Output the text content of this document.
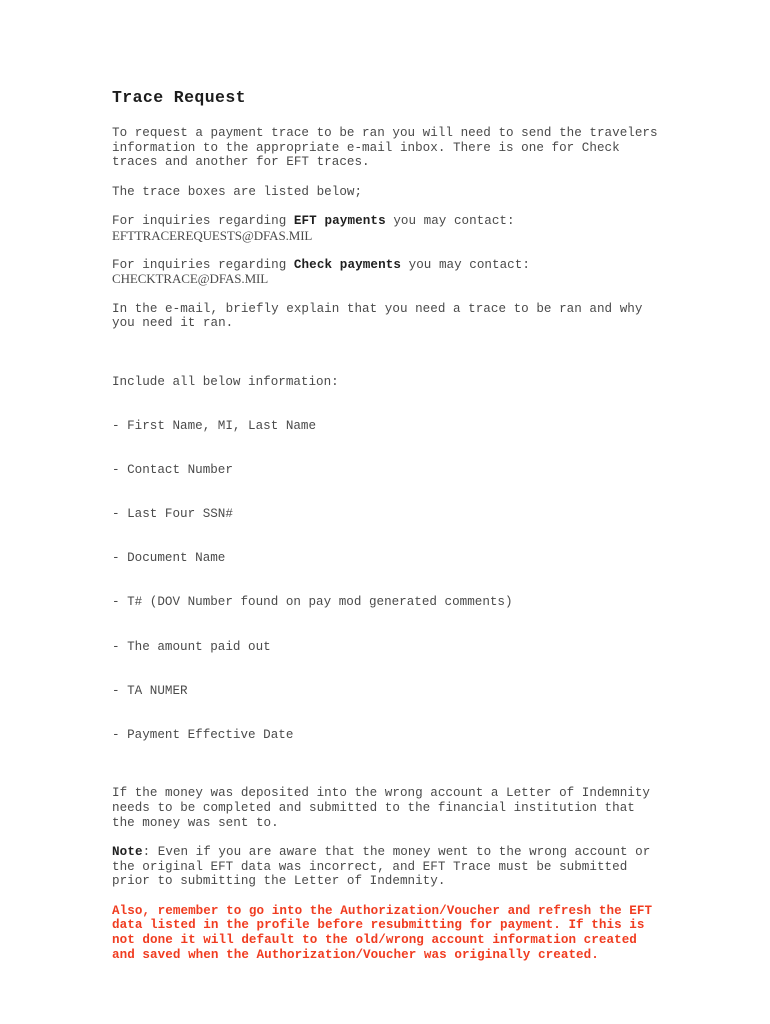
Trace Request

To request a payment trace to be ran you will need to send the travelers information to the appropriate e-mail inbox. There is one for Check traces and another for EFT traces.

The trace boxes are listed below;

For inquiries regarding EFT payments you may contact:

EFTTRACEREQUESTS@DFAS.MIL

For inquiries regarding Check payments you may contact:

CHECKTRACE@DFAS.MIL

In the e-mail, briefly explain that you need a trace to be ran and why you need it ran.

Include all below information:

- First Name, MI, Last Name

- Contact Number

- Last Four SSN#

- Document Name

- T# (DOV Number found on pay mod generated comments)

- The amount paid out

- TA NUMER

- Payment Effective Date

If the money was deposited into the wrong account a Letter of Indemnity needs to be completed and submitted to the financial institution that the money was sent to.

Note: Even if you are aware that the money went to the wrong account or the original EFT data was incorrect, and EFT Trace must be submitted prior to submitting the Letter of Indemnity.

Also, remember to go into the Authorization/Voucher and refresh the EFT data listed in the profile before resubmitting for payment. If this is not done it will default to the old/wrong account information created and saved when the Authorization/Voucher was originally created.
